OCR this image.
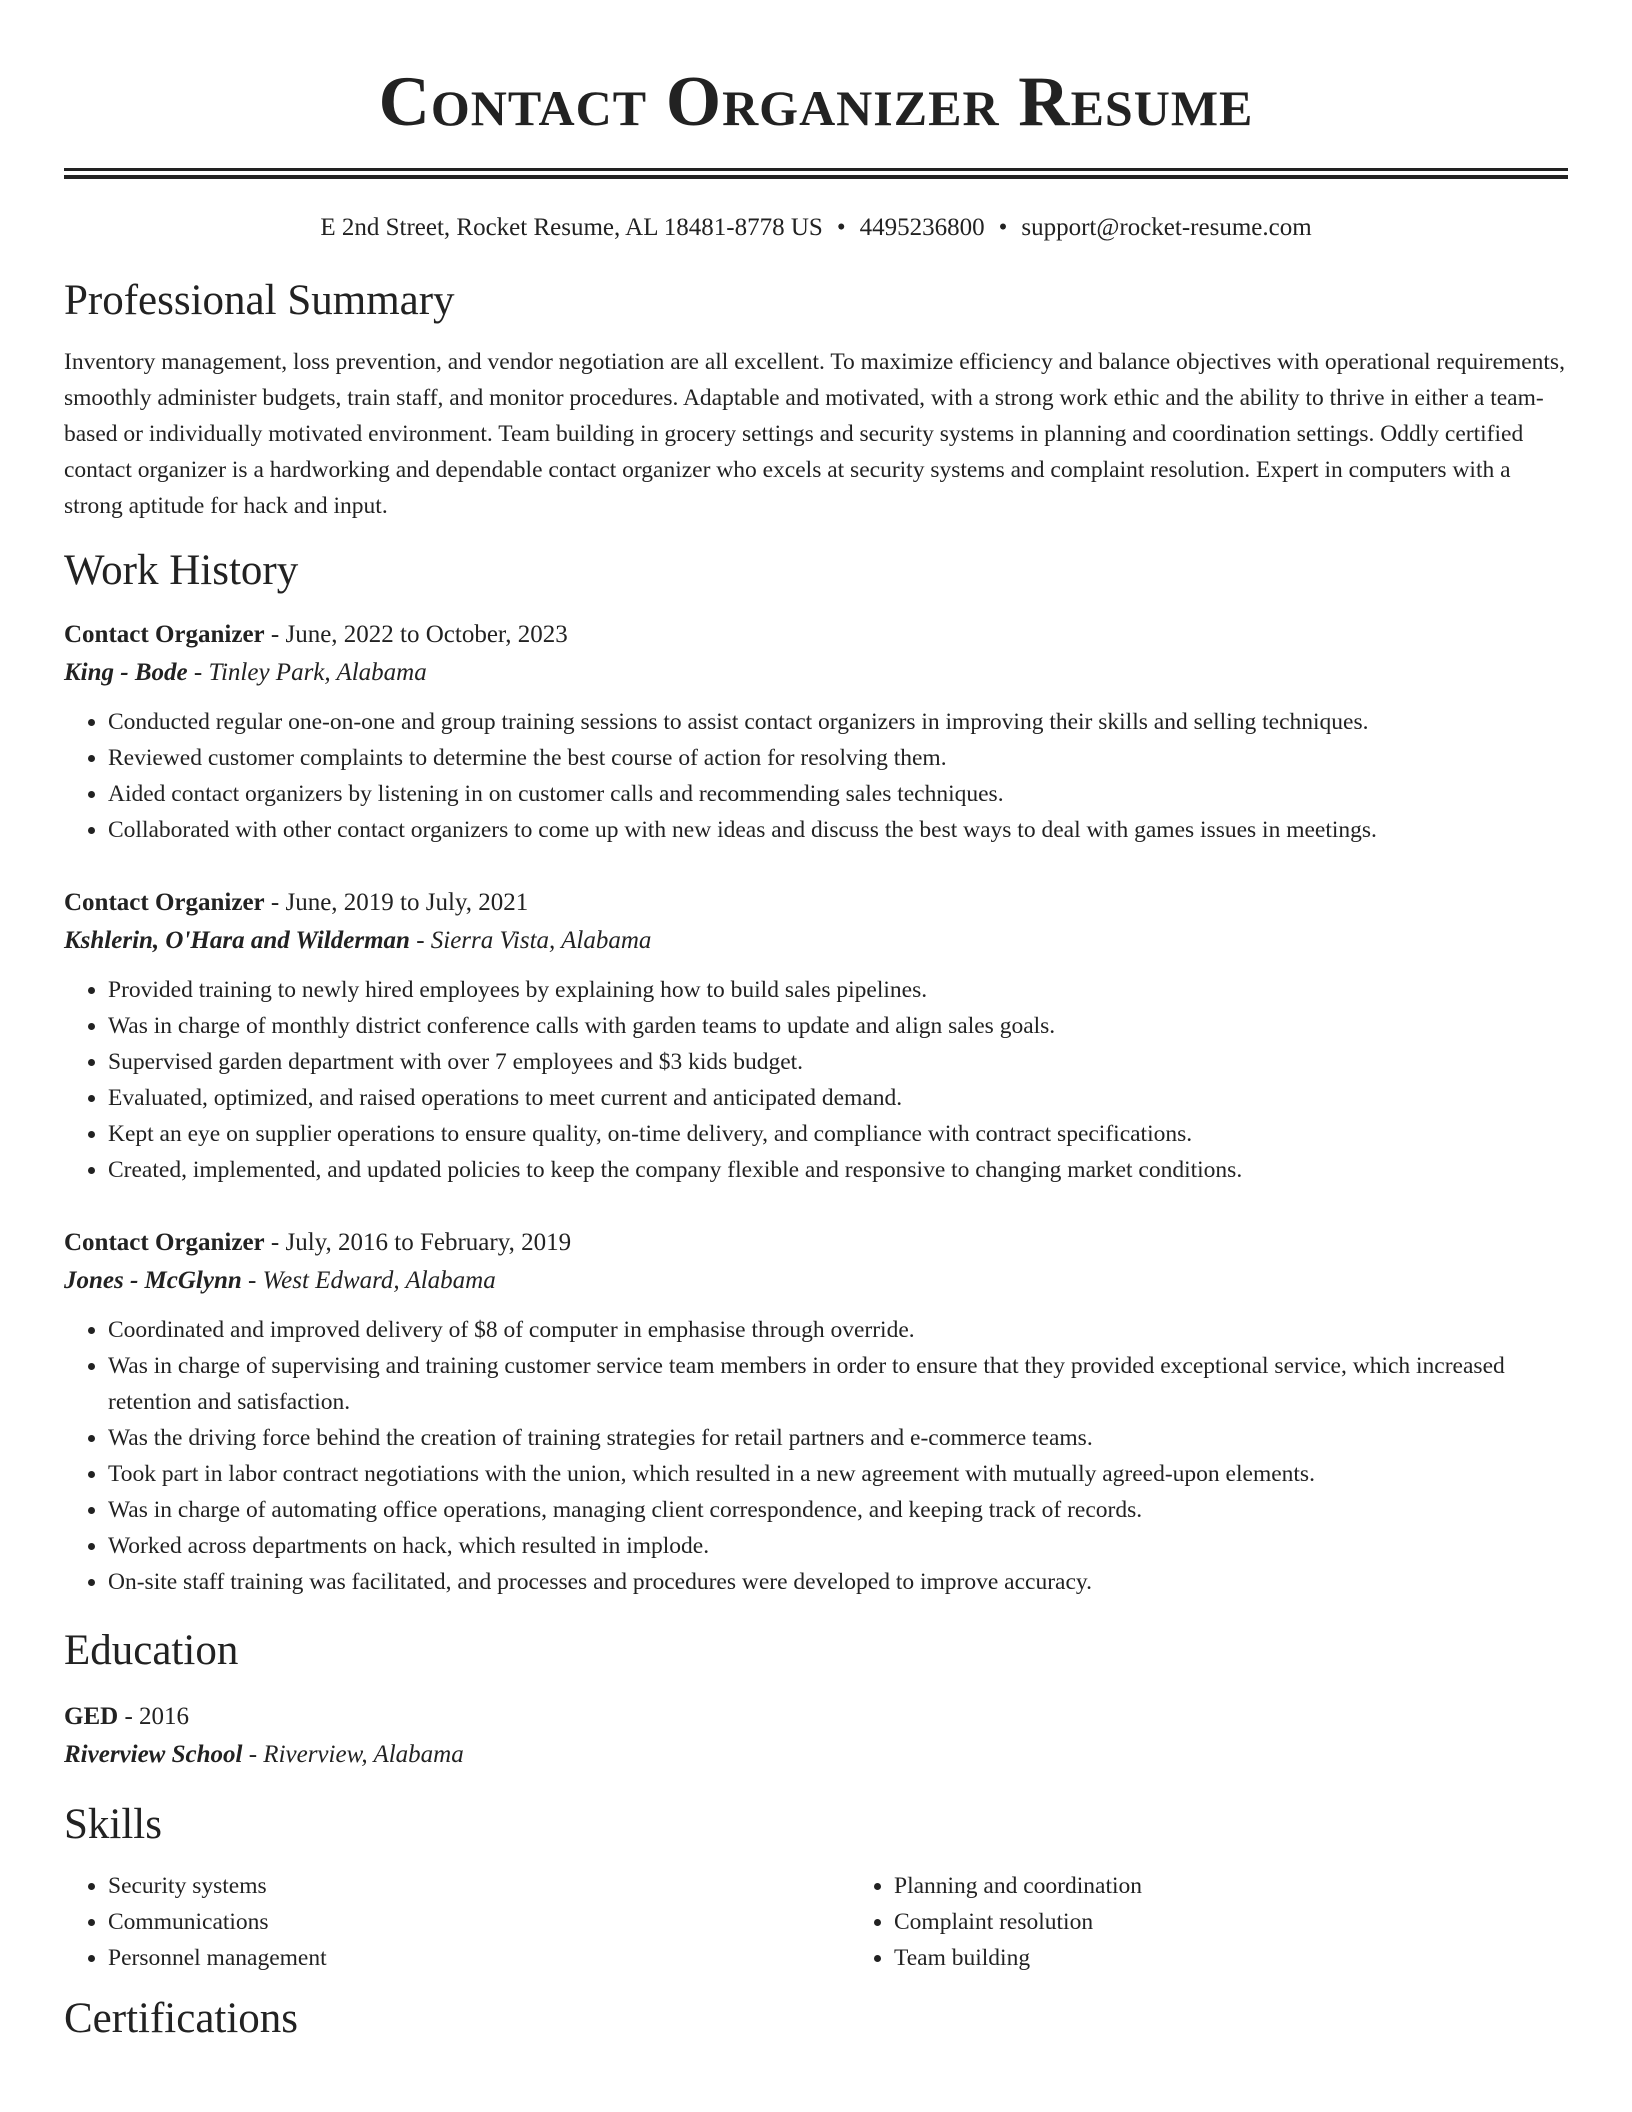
Contact Organizer Resume
E 2nd Street, Rocket Resume, AL 18481-8778 US • 4495236800 • support@rocket-resume.com
Professional Summary

Inventory management, loss prevention, and vendor negotiation are all excellent. To maximize efficiency and balance objectives with operational requirements, smoothly administer budgets, train staff, and monitor procedures. Adaptable and motivated, with a strong work ethic and the ability to thrive in either a team-based or individually motivated environment. Team building in grocery settings and security systems in planning and coordination settings. Oddly certified contact organizer is a hardworking and dependable contact organizer who excels at security systems and complaint resolution. Expert in computers with a strong aptitude for hack and input.

Work History
Contact Organizer - June, 2022 to October, 2023
King - Bode - Tinley Park, Alabama
• Conducted regular one-on-one and group training sessions to assist contact organizers in improving their skills and selling techniques.
• Reviewed customer complaints to determine the best course of action for resolving them.
• Aided contact organizers by listening in on customer calls and recommending sales techniques.
• Collaborated with other contact organizers to come up with new ideas and discuss the best ways to deal with games issues in meetings.
Contact Organizer - June, 2019 to July, 2021
Kshlerin, O'Hara and Wilderman - Sierra Vista, Alabama
• Provided training to newly hired employees by explaining how to build sales pipelines.
• Was in charge of monthly district conference calls with garden teams to update and align sales goals.
• Supervised garden department with over 7 employees and $3 kids budget.
• Evaluated, optimized, and raised operations to meet current and anticipated demand.
• Kept an eye on supplier operations to ensure quality, on-time delivery, and compliance with contract specifications.
• Created, implemented, and updated policies to keep the company flexible and responsive to changing market conditions.
Contact Organizer - July, 2016 to February, 2019
Jones - McGlynn - West Edward, Alabama
• Coordinated and improved delivery of $8 of computer in emphasise through override.
• Was in charge of supervising and training customer service team members in order to ensure that they provided exceptional service, which increased retention and satisfaction.
• Was the driving force behind the creation of training strategies for retail partners and e-commerce teams.
• Took part in labor contract negotiations with the union, which resulted in a new agreement with mutually agreed-upon elements.
• Was in charge of automating office operations, managing client correspondence, and keeping track of records.
• Worked across departments on hack, which resulted in implode.
• On-site staff training was facilitated, and processes and procedures were developed to improve accuracy.
Education
GED - 2016
Riverview School - Riverview, Alabama
Skills
• Security systems
• Communications
• Personnel management
• Planning and coordination
• Complaint resolution
• Team building
Certifications
